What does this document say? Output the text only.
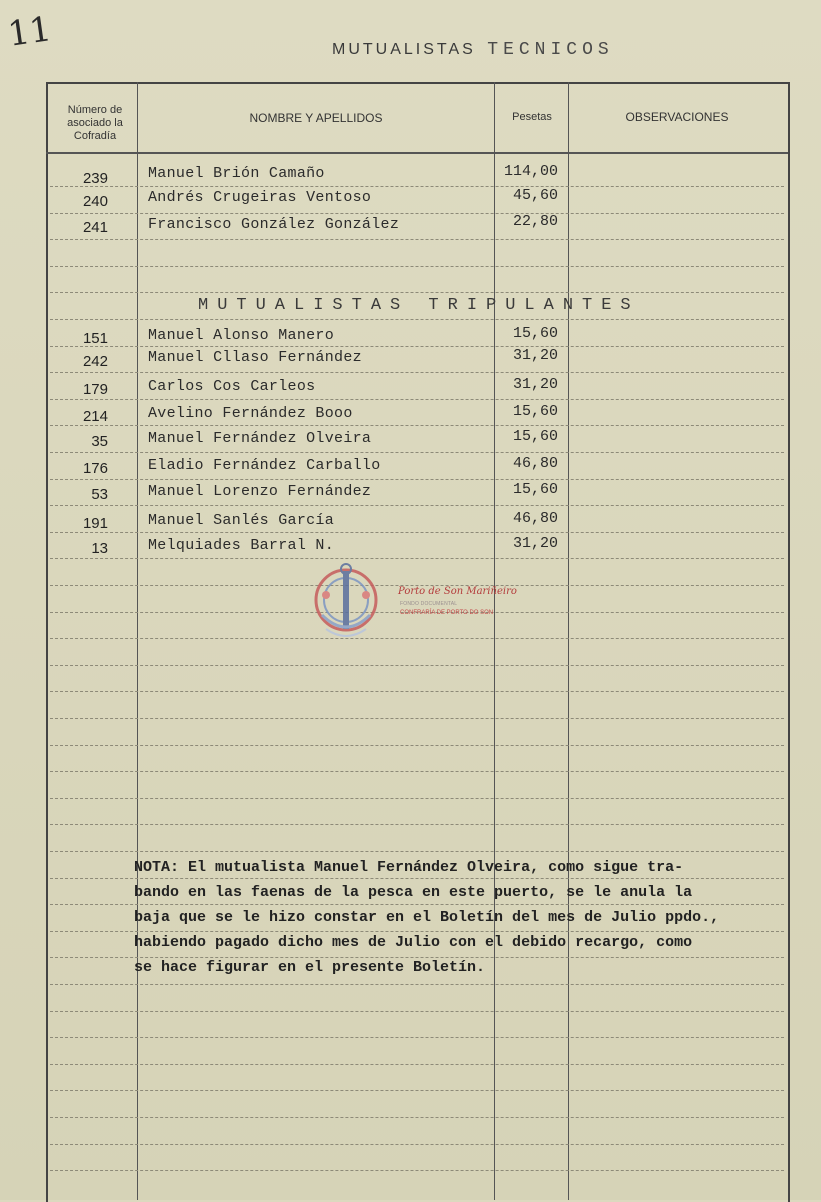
11	MUTUALISTAS TECNICOS
Número de asociado la Cofradía
NOMBRE Y APELLIDOS	Pesetas	OBSERVACIONES
239	Manuel Brión Camaño	114,00
240	Andrés Crugeiras Ventoso	45,60
241	Francisco González González	22,80
MUTUALISTAS TRIPULANTES
151	Manuel Alonso Manero	15,60
242	Manuel Cllaso Fernández	31,20
179	Carlos Cos Carleos	31,20
214	Avelino Fernández Booo	15,60
35	Manuel Fernández Olveira	15,60
176	Eladio Fernández Carballo	46,80
53	Manuel Lorenzo Fernández	15,60
191	Manuel Sanlés García	46,80
13	Melquiades Barral N.	31,20
Porto de Son Mariñeiro
FONDO DOCUMENTAL
CONFRARÍA DE PORTO DO SON
NOTA: El mutualista Manuel Fernández Olveira, como sigue tra-
bando en las faenas de la pesca en este puerto, se le anula la
baja que se le hizo constar en el Boletín del mes de Julio ppdo.,
habiendo pagado dicho mes de Julio con el debido recargo, como
se hace figurar en el presente Boletín.
